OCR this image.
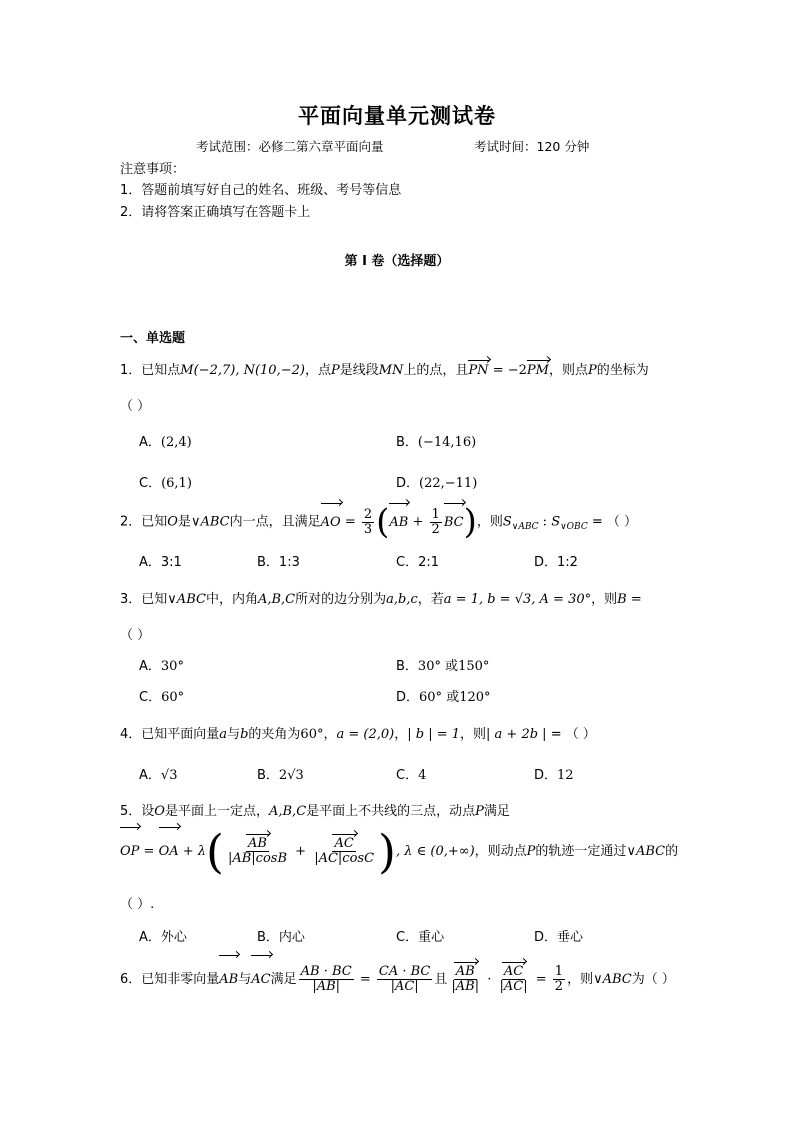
平面向量单元测试卷
考试范围：必修二第六章平面向量	考试时间：120 分钟
注意事项：
1．答题前填写好自己的姓名、班级、考号等信息
2．请将答案正确填写在答题卡上
第 I 卷（选择题）
一、单选题
1．已知点M(−2,7), N(10,−2)，点P是线段MN上的点，且PN = −2PM，则点P的坐标为
（ ）
A．(2,4)	B．(−14,16)
C．(6,1)	D．(22,−11)
2．已知O是∨ABC内一点，且满足AO = $\frac{2}{3} (AB + \frac{1}{2} BC)$，则$S_{\vee ABC}$ : $S_{\vee OBC}$ = （ ）
A．3:1	B．1:3	C．2:1	D．1:2
3．已知∨ABC中，内角A,B,C所对的边分别为a,b,c，若a = 1, b = √3, A = 30°，则B =
（ ）
A．30°	B．30° 或150°
C．60°	D．60° 或120°
4．已知平面向量a与b的夹角为60°，a = (2,0)，| b | = 1，则| a + 2b | = （ ）
A．√3	B．2√3	C．4	D．12
5．设O是平面上一定点，A,B,C是平面上不共线的三点，动点P满足
OP = OA + $\lambda( \frac{AB}{|AB|\cos B} + \frac{AC}{|AC|\cos C}$ ), λ ∈ (0,+∞)，则动点P的轨迹一定通过∨ABC的
（ ）.
A．外心	B．内心	C．重心	D．垂心
6．已知非零向量AB与AC满足 $\frac{AB \cdot BC}{|AB|} = \frac{CA \cdot BC}{|AC|}$ 且 $\frac{AB}{|AB|} \cdot \frac{AC}{|AC|} = \frac{1}{2}$ ，则∨ABC为（ ）
